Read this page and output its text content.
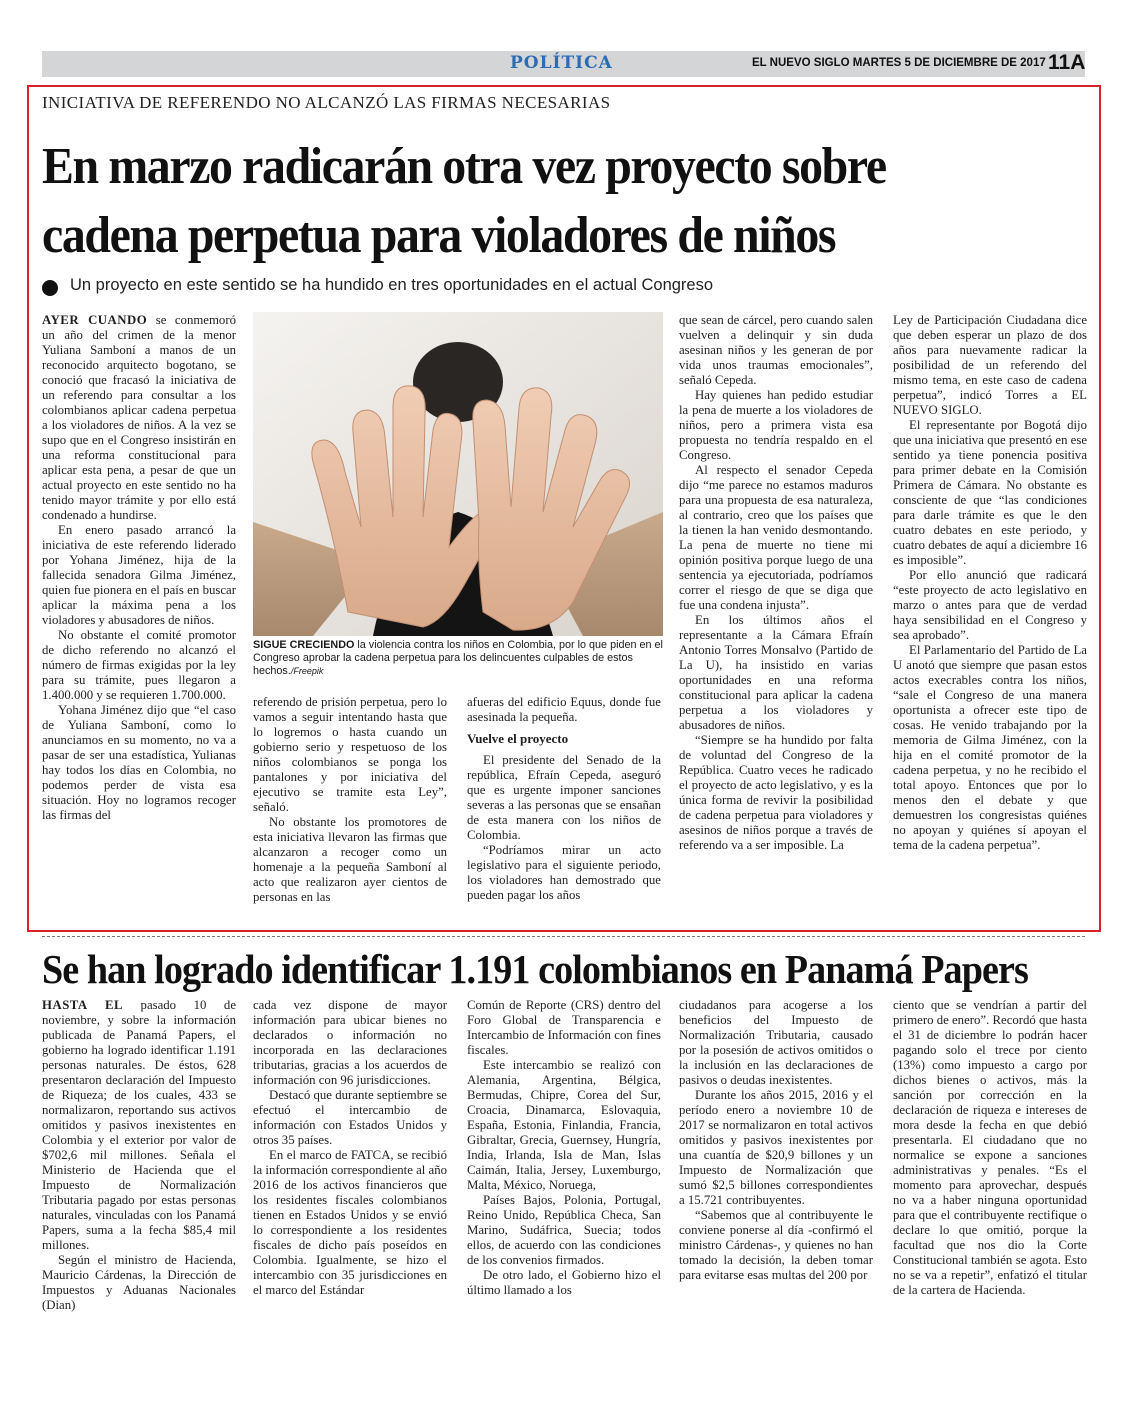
POLÍTICA	EL NUEVO SIGLO MARTES 5 DE DICIEMBRE DE 2017 11A
INICIATIVA DE REFERENDO NO ALCANZÓ LAS FIRMAS NECESARIAS
En marzo radicarán otra vez proyecto sobre cadena perpetua para violadores de niños
Un proyecto en este sentido se ha hundido en tres oportunidades en el actual Congreso

AYER CUANDO se conmemoró un año del crimen de la menor Yuliana Samboní a manos de un reconocido arquitecto bogotano, se conoció que fracasó la iniciativa de un referendo para consultar a los colombianos aplicar cadena perpetua a los violadores de niños. A la vez se supo que en el Congreso insistirán en una reforma constitucional para aplicar esta pena, a pesar de que un actual proyecto en este sentido no ha tenido mayor trámite y por ello está condenado a hundirse.

En enero pasado arrancó la iniciativa de este referendo liderado por Yohana Jiménez, hija de la fallecida senadora Gilma Jiménez, quien fue pionera en el país en buscar aplicar la máxima pena a los violadores y abusadores de niños.

No obstante el comité promotor de dicho referendo no alcanzó el número de firmas exigidas por la ley para su trámite, pues llegaron a 1.400.000 y se requieren 1.700.000.

Yohana Jiménez dijo que “el caso de Yuliana Samboní, como lo anunciamos en su momento, no va a pasar de ser una estadística, Yulianas hay todos los días en Colombia, no podemos perder de vista esa situación. Hoy no logramos recoger las firmas del

SIGUE CRECIENDO la violencia contra los niños en Colombia, por lo que piden en el Congreso aprobar la cadena perpetua para los delincuentes culpables de estos hechos./Freepik

referendo de prisión perpetua, pero lo vamos a seguir intentando hasta que lo logremos o hasta cuando un gobierno serio y respetuoso de los niños colombianos se ponga los pantalones y por iniciativa del ejecutivo se tramite esta Ley”, señaló.

No obstante los promotores de esta iniciativa llevaron las firmas que alcanzaron a recoger como un homenaje a la pequeña Samboní al acto que realizaron ayer cientos de personas en las

afueras del edificio Equus, donde fue asesinada la pequeña.

Vuelve el proyecto

El presidente del Senado de la república, Efraín Cepeda, aseguró que es urgente imponer sanciones severas a las personas que se ensañan de esta manera con los niños de Colombia.

“Podríamos mirar un acto legislativo para el siguiente periodo, los violadores han demostrado que pueden pagar los años

que sean de cárcel, pero cuando salen vuelven a delinquir y sin duda asesinan niños y les generan de por vida unos traumas emocionales”, señaló Cepeda.

Hay quienes han pedido estudiar la pena de muerte a los violadores de niños, pero a primera vista esa propuesta no tendría respaldo en el Congreso.

Al respecto el senador Cepeda dijo “me parece no estamos maduros para una propuesta de esa naturaleza, al contrario, creo que los países que la tienen la han venido desmontando. La pena de muerte no tiene mi opinión positiva porque luego de una sentencia ya ejecutoriada, podríamos correr el riesgo de que se diga que fue una condena injusta”.

En los últimos años el representante a la Cámara Efraín Antonio Torres Monsalvo (Partido de La U), ha insistido en varias oportunidades en una reforma constitucional para aplicar la cadena perpetua a los violadores y abusadores de niños.

“Siempre se ha hundido por falta de voluntad del Congreso de la República. Cuatro veces he radicado el proyecto de acto legislativo, y es la única forma de revivir la posibilidad de cadena perpetua para violadores y asesinos de niños porque a través de referendo va a ser imposible. La

Ley de Participación Ciudadana dice que deben esperar un plazo de dos años para nuevamente radicar la posibilidad de un referendo del mismo tema, en este caso de cadena perpetua”, indicó Torres a EL NUEVO SIGLO.

El representante por Bogotá dijo que una iniciativa que presentó en ese sentido ya tiene ponencia positiva para primer debate en la Comisión Primera de Cámara. No obstante es consciente de que “las condiciones para darle trámite es que le den cuatro debates en este periodo, y cuatro debates de aquí a diciembre 16 es imposible”.

Por ello anunció que radicará “este proyecto de acto legislativo en marzo o antes para que de verdad haya sensibilidad en el Congreso y sea aprobado”.

El Parlamentario del Partido de La U anotó que siempre que pasan estos actos execrables contra los niños, “sale el Congreso de una manera oportunista a ofrecer este tipo de cosas. He venido trabajando por la memoria de Gilma Jiménez, con la hija en el comité promotor de la cadena perpetua, y no he recibido el total apoyo. Entonces que por lo menos den el debate y que demuestren los congresistas quiénes no apoyan y quiénes sí apoyan el tema de la cadena perpetua”.

Se han logrado identificar 1.191 colombianos en Panamá Papers

HASTA EL pasado 10 de noviembre, y sobre la información publicada de Panamá Papers, el gobierno ha logrado identificar 1.191 personas naturales. De éstos, 628 presentaron declaración del Impuesto de Riqueza; de los cuales, 433 se normalizaron, reportando sus activos omitidos y pasivos inexistentes en Colombia y el exterior por valor de $702,6 mil millones. Señala el Ministerio de Hacienda que el Impuesto de Normalización Tributaria pagado por estas personas naturales, vinculadas con los Panamá Papers, suma a la fecha $85,4 mil millones.

Según el ministro de Hacienda, Mauricio Cárdenas, la Dirección de Impuestos y Aduanas Nacionales (Dian)

cada vez dispone de mayor información para ubicar bienes no declarados o información no incorporada en las declaraciones tributarias, gracias a los acuerdos de información con 96 jurisdicciones.

Destacó que durante septiembre se efectuó el intercambio de información con Estados Unidos y otros 35 países.

En el marco de FATCA, se recibió la información correspondiente al año 2016 de los activos financieros que los residentes fiscales colombianos tienen en Estados Unidos y se envió lo correspondiente a los residentes fiscales de dicho país poseídos en Colombia. Igualmente, se hizo el intercambio con 35 jurisdicciones en el marco del Estándar

Común de Reporte (CRS) dentro del Foro Global de Transparencia e Intercambio de Información con fines fiscales.

Este intercambio se realizó con Alemania, Argentina, Bélgica, Bermudas, Chipre, Corea del Sur, Croacia, Dinamarca, Eslovaquia, España, Estonia, Finlandia, Francia, Gibraltar, Grecia, Guernsey, Hungría, India, Irlanda, Isla de Man, Islas Caimán, Italia, Jersey, Luxemburgo, Malta, México, Noruega,

Países Bajos, Polonia, Portugal, Reino Unido, República Checa, San Marino, Sudáfrica, Suecia; todos ellos, de acuerdo con las condiciones de los convenios firmados.

De otro lado, el Gobierno hizo el último llamado a los

ciudadanos para acogerse a los beneficios del Impuesto de Normalización Tributaria, causado por la posesión de activos omitidos o la inclusión en las declaraciones de pasivos o deudas inexistentes.

Durante los años 2015, 2016 y el período enero a noviembre 10 de 2017 se normalizaron en total activos omitidos y pasivos inexistentes por una cuantía de $20,9 billones y un Impuesto de Normalización que sumó $2,5 billones correspondientes a 15.721 contribuyentes.

“Sabemos que al contribuyente le conviene ponerse al día -confirmó el ministro Cárdenas-, y quienes no han tomado la decisión, la deben tomar para evitarse esas multas del 200 por

ciento que se vendrían a partir del primero de enero”. Recordó que hasta el 31 de diciembre lo podrán hacer pagando solo el trece por ciento (13%) como impuesto a cargo por dichos bienes o activos, más la sanción por corrección en la declaración de riqueza e intereses de mora desde la fecha en que debió presentarla. El ciudadano que no normalice se expone a sanciones administrativas y penales. “Es el momento para aprovechar, después no va a haber ninguna oportunidad para que el contribuyente rectifique o declare lo que omitió, porque la facultad que nos dio la Corte Constitucional también se agota. Esto no se va a repetir”, enfatizó el titular de la cartera de Hacienda.
